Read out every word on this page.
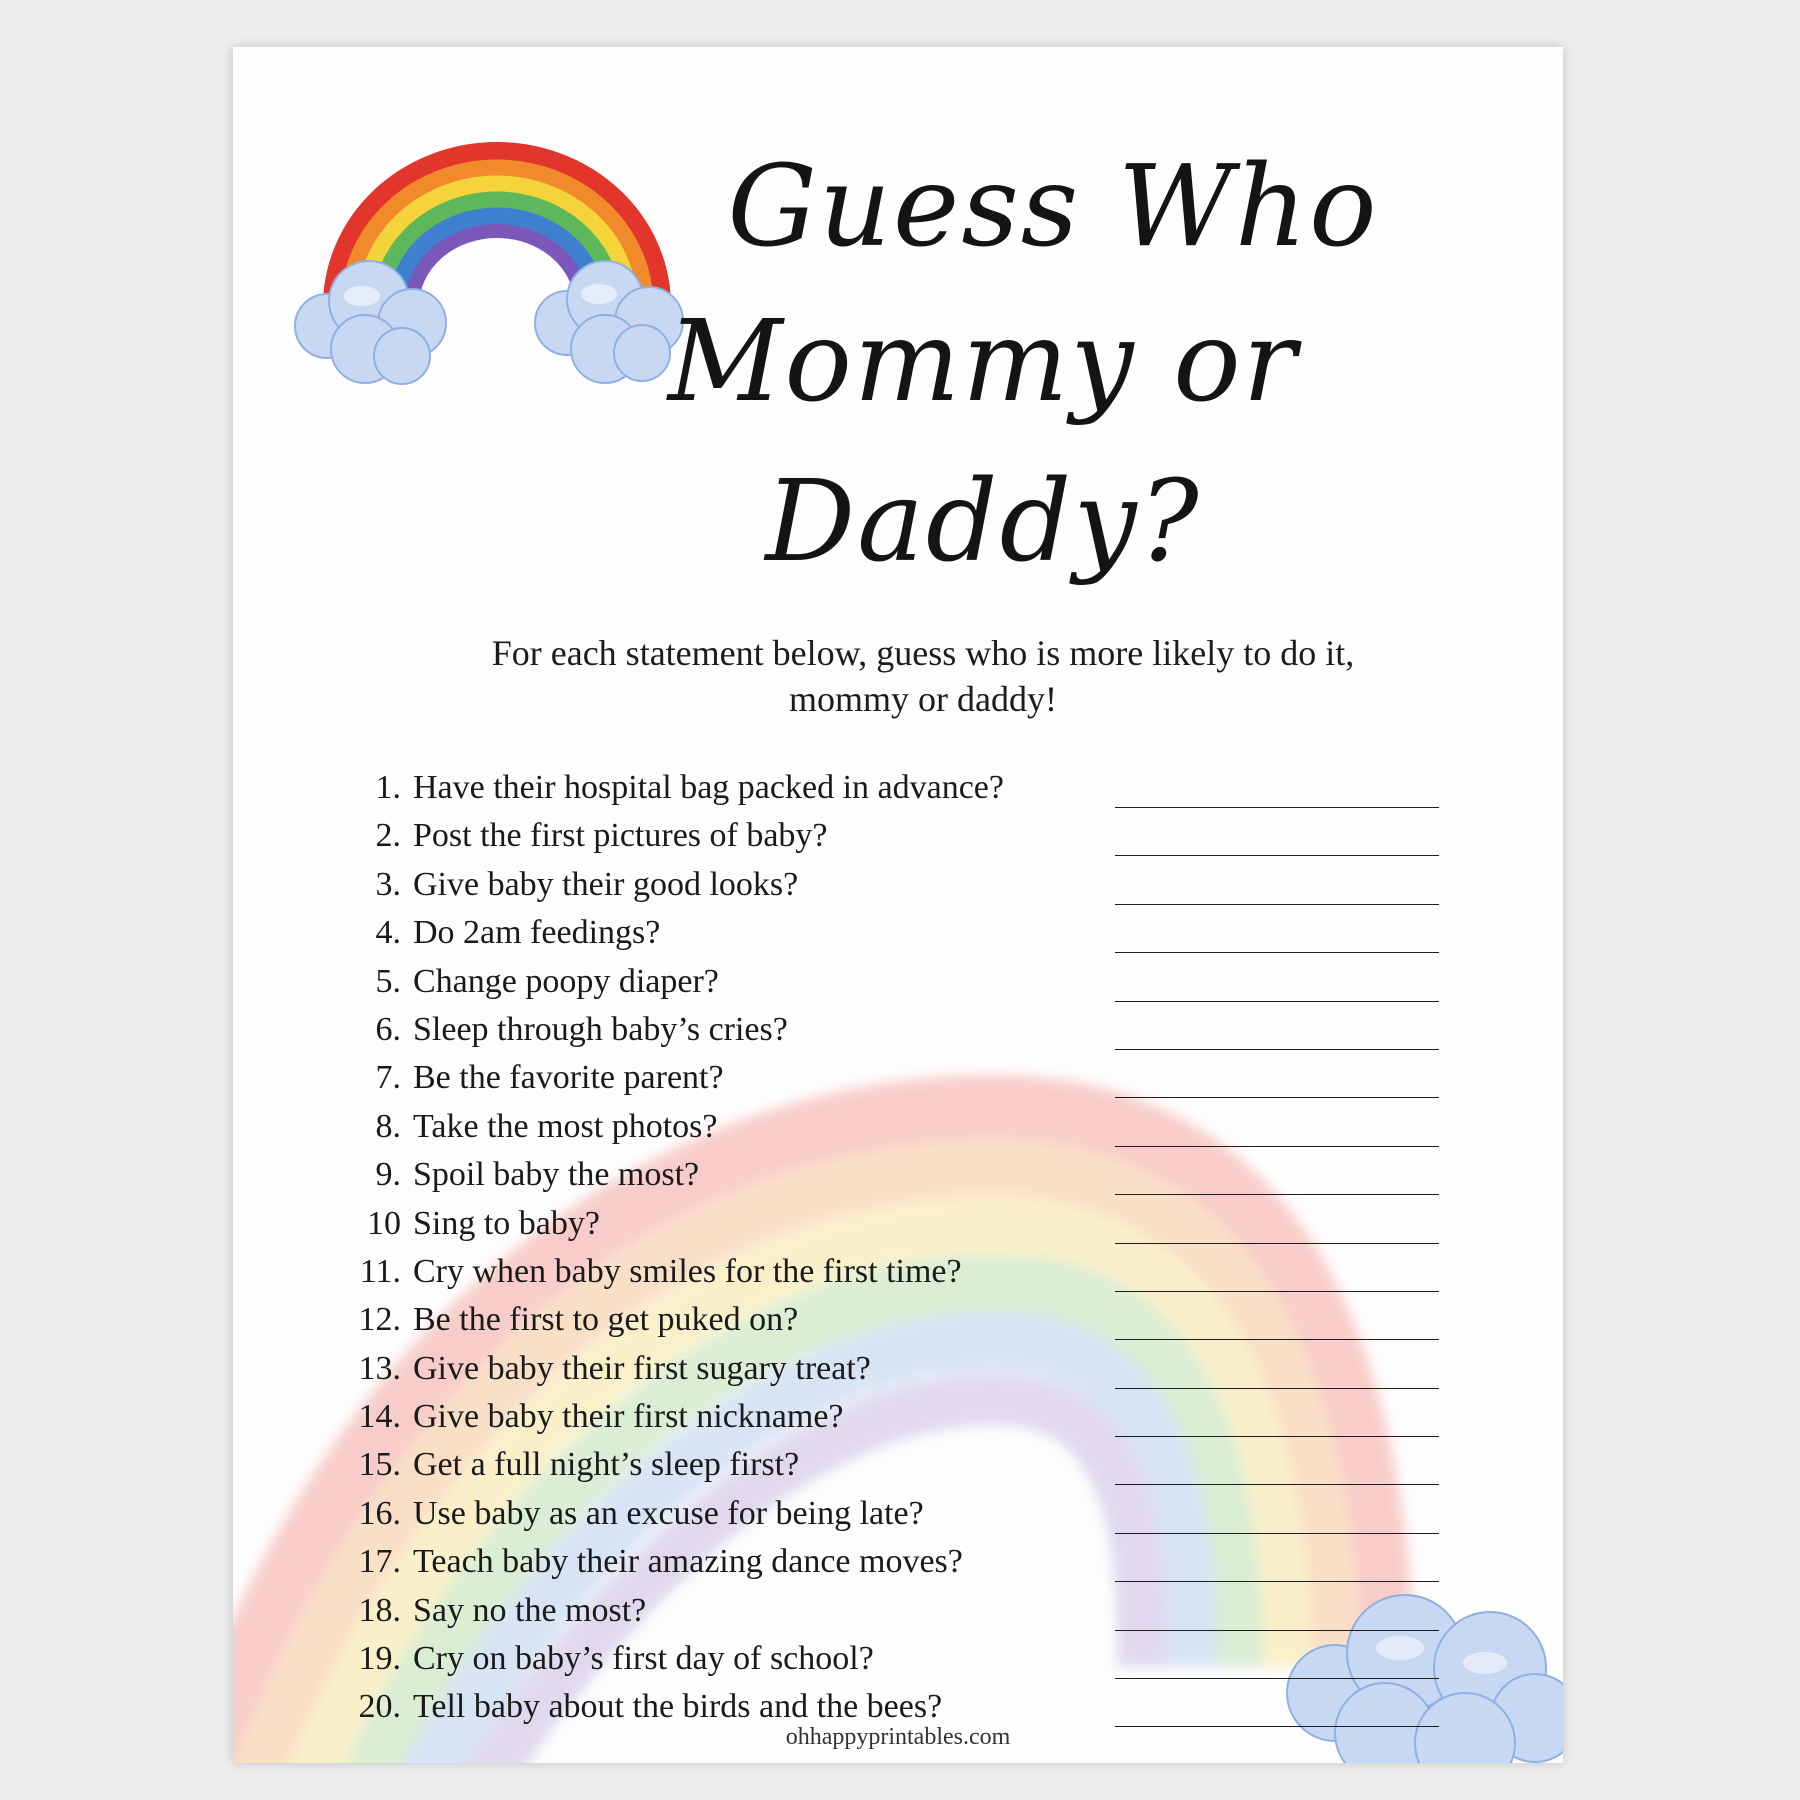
Guess Who
Mommy or Daddy?
For each statement below, guess who is more likely to do it,
mommy or daddy!
1. Have their hospital bag packed in advance?
2. Post the first pictures of baby?
3. Give baby their good looks?
4. Do 2am feedings?
5. Change poopy diaper?
6. Sleep through baby’s cries?
7. Be the favorite parent?
8. Take the most photos?
9. Spoil baby the most?
10 Sing to baby?
11. Cry when baby smiles for the first time?
12. Be the first to get puked on?
13. Give baby their first sugary treat?
14. Give baby their first nickname?
15. Get a full night’s sleep first?
16. Use baby as an excuse for being late?
17. Teach baby their amazing dance moves?
18. Say no the most?
19. Cry on baby’s first day of school?
20. Tell baby about the birds and the bees?
ohhappyprintables.com
